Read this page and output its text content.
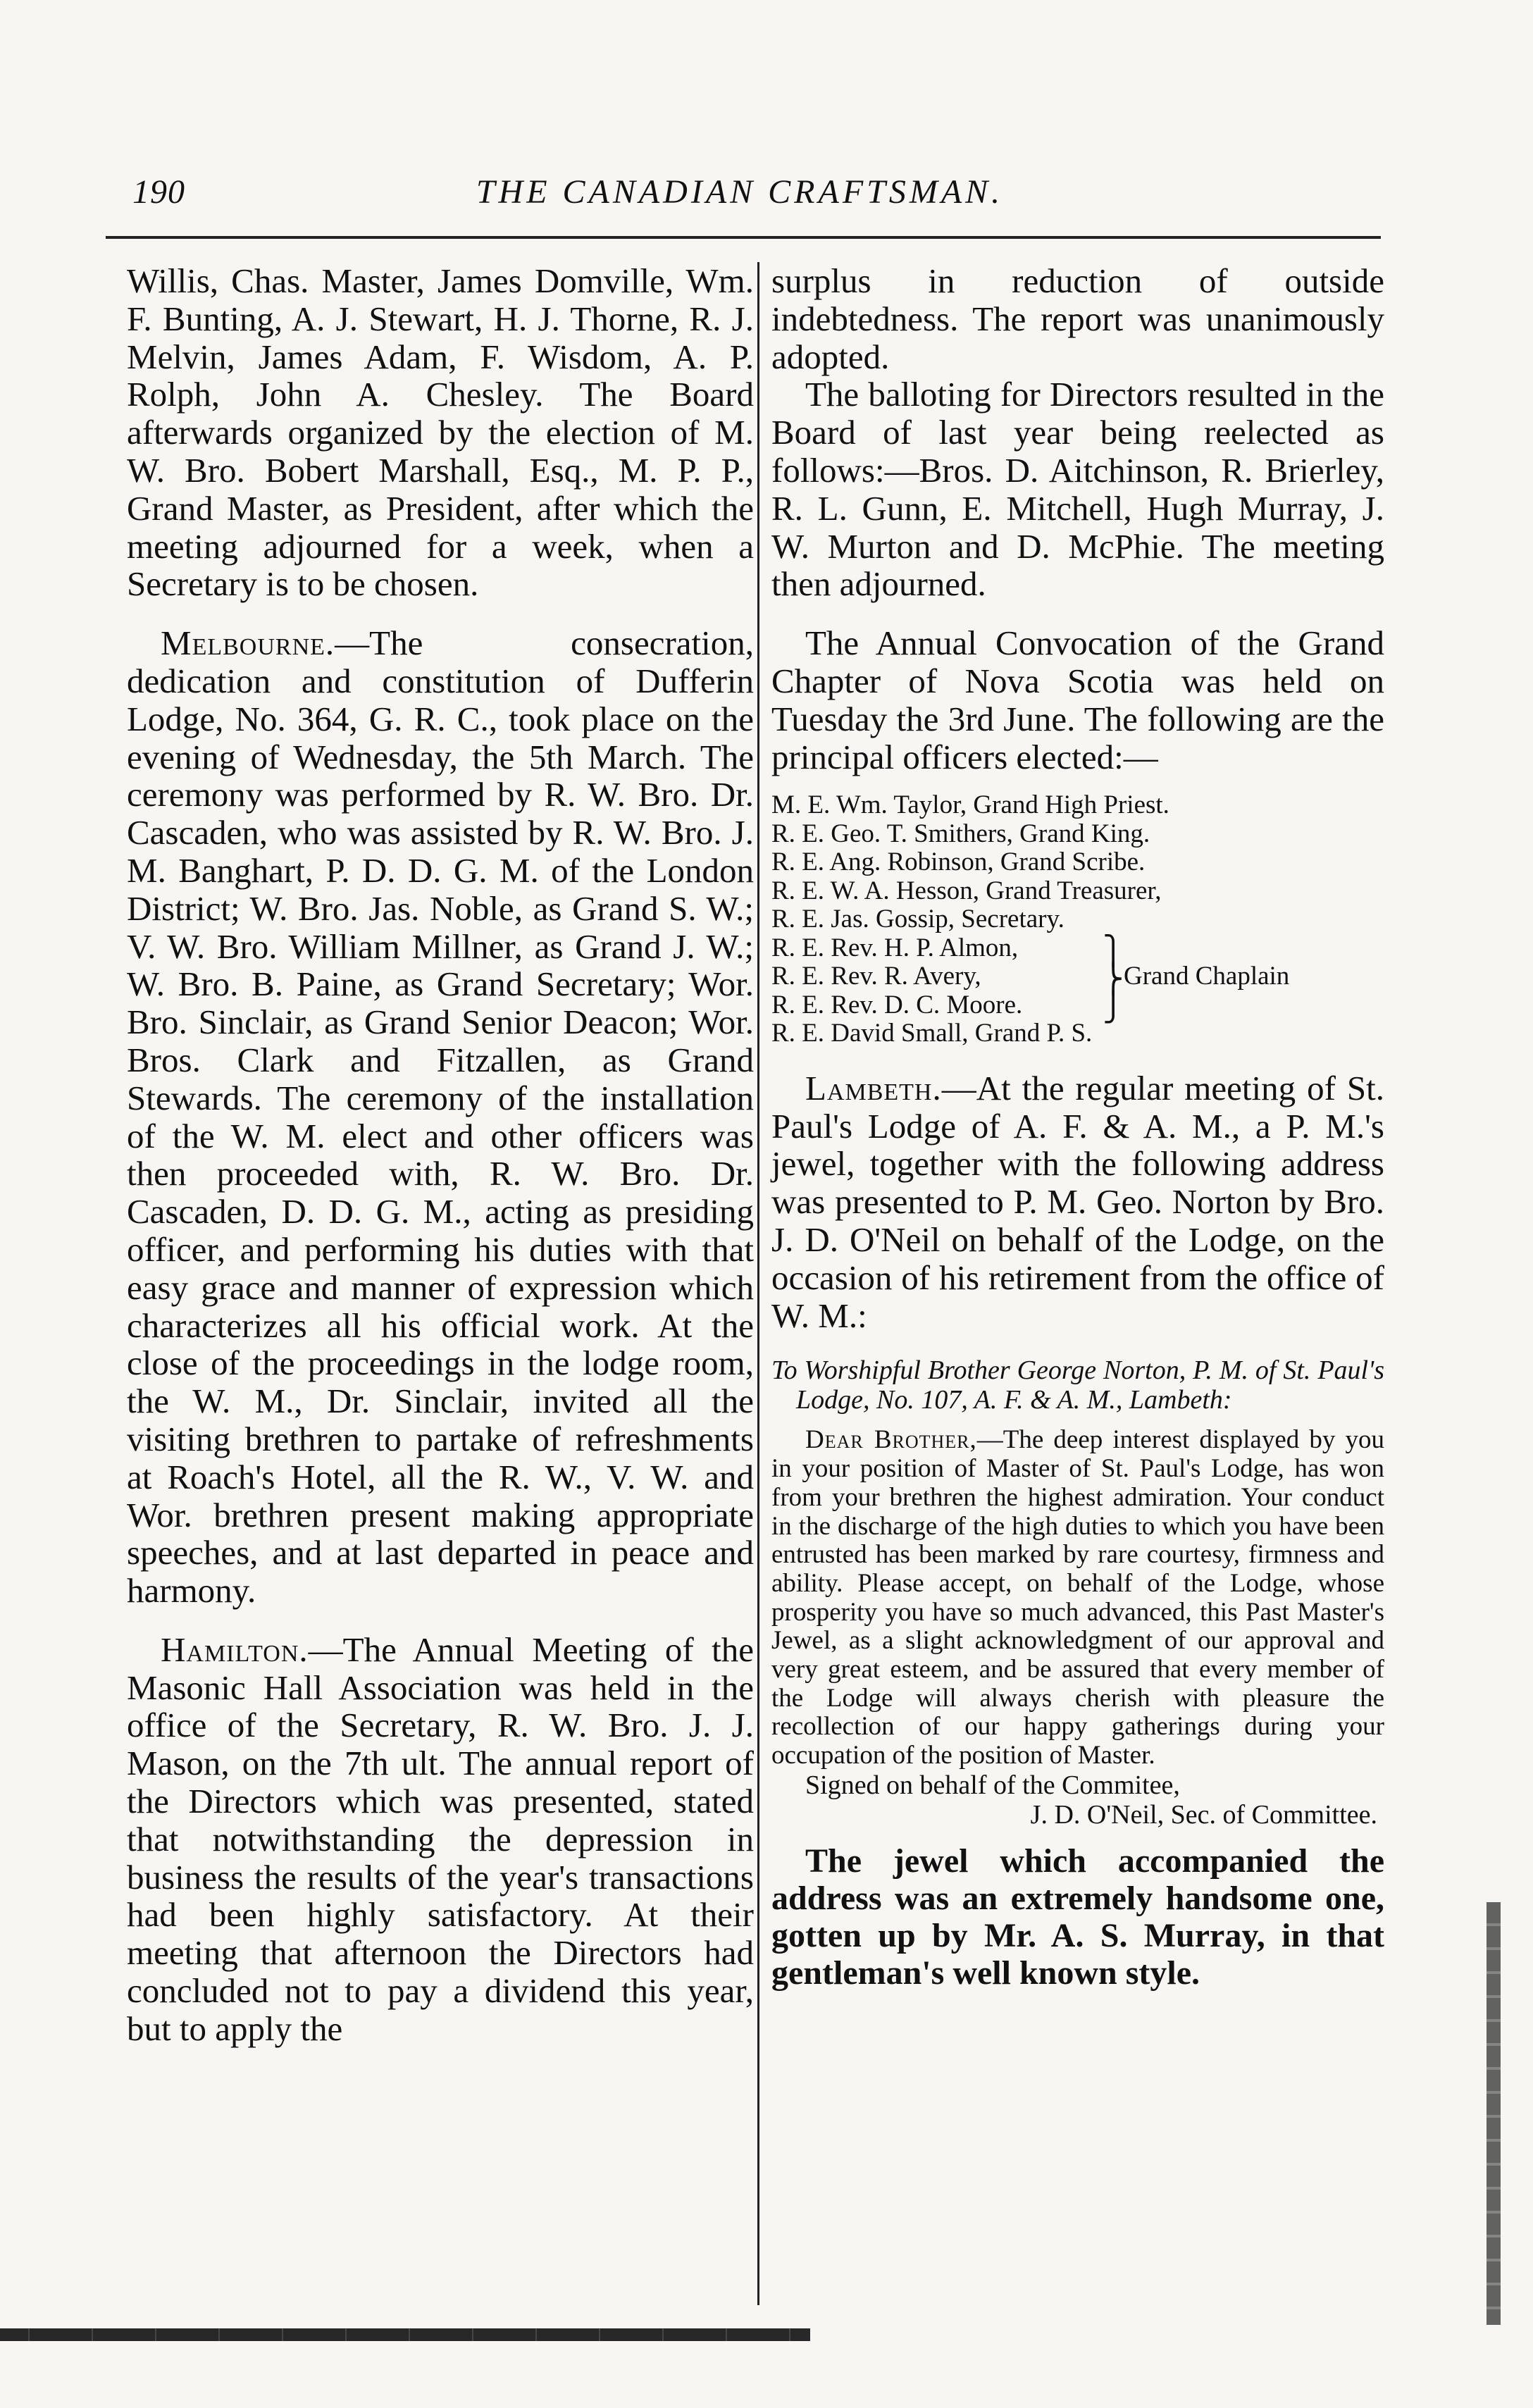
190	THE CANADIAN CRAFTSMAN.

Willis, Chas. Master, James Domville, Wm. F. Bunting, A. J. Stewart, H. J. Thorne, R. J. Melvin, James Adam, F. Wisdom, A. P. Rolph, John A. Chesley. The Board afterwards organized by the election of M. W. Bro. Bobert Marshall, Esq., M. P. P., Grand Master, as President, after which the meeting adjourned for a week, when a Secretary is to be chosen.

Melbourne.—The consecration, dedication and constitution of Dufferin Lodge, No. 364, G. R. C., took place on the evening of Wednesday, the 5th March. The ceremony was performed by R. W. Bro. Dr. Cascaden, who was assisted by R. W. Bro. J. M. Banghart, P. D. D. G. M. of the London District; W. Bro. Jas. Noble, as Grand S. W.; V. W. Bro. William Millner, as Grand J. W.; W. Bro. B. Paine, as Grand Secretary; Wor. Bro. Sinclair, as Grand Senior Deacon; Wor. Bros. Clark and Fitzallen, as Grand Stewards. The ceremony of the installation of the W. M. elect and other officers was then proceeded with, R. W. Bro. Dr. Cascaden, D. D. G. M., acting as presiding officer, and performing his duties with that easy grace and manner of expression which characterizes all his official work. At the close of the proceedings in the lodge room, the W. M., Dr. Sinclair, invited all the visiting brethren to partake of refreshments at Roach's Hotel, all the R. W., V. W. and Wor. brethren present making appropriate speeches, and at last departed in peace and harmony.

Hamilton.—The Annual Meeting of the Masonic Hall Association was held in the office of the Secretary, R. W. Bro. J. J. Mason, on the 7th ult. The annual report of the Directors which was presented, stated that notwithstanding the depression in business the results of the year's transactions had been highly satisfactory. At their meeting that afternoon the Directors had concluded not to pay a dividend this year, but to apply the

surplus in reduction of outside indebtedness. The report was unanimously adopted.

The balloting for Directors resulted in the Board of last year being reelected as follows:—Bros. D. Aitchinson, R. Brierley, R. L. Gunn, E. Mitchell, Hugh Murray, J. W. Murton and D. McPhie. The meeting then adjourned.

The Annual Convocation of the Grand Chapter of Nova Scotia was held on Tuesday the 3rd June. The following are the principal officers elected:—

M. E. Wm. Taylor, Grand High Priest.
R. E. Geo. T. Smithers, Grand King.
R. E. Ang. Robinson, Grand Scribe.
R. E. W. A. Hesson, Grand Treasurer,
R. E. Jas. Gossip, Secretary.
R. E. Rev. H. P. Almon,
R. E. Rev. R. Avery,
R. E. Rev. D. C. Moore.
⎫
⎬
⎭
Grand Chaplain
R. E. David Small, Grand P. S.

Lambeth.—At the regular meeting of St. Paul's Lodge of A. F. & A. M., a P. M.'s jewel, together with the following address was presented to P. M. Geo. Norton by Bro. J. D. O'Neil on behalf of the Lodge, on the occasion of his retirement from the office of W. M.:

To Worshipful Brother George Norton, P. M. of St. Paul's Lodge, No. 107, A. F. & A. M., Lambeth:

Dear Brother,—The deep interest displayed by you in your position of Master of St. Paul's Lodge, has won from your brethren the highest admiration. Your conduct in the discharge of the high duties to which you have been entrusted has been marked by rare courtesy, firmness and ability. Please accept, on behalf of the Lodge, whose prosperity you have so much advanced, this Past Master's Jewel, as a slight acknowledgment of our approval and very great esteem, and be assured that every member of the Lodge will always cherish with pleasure the recollection of our happy gatherings during your occupation of the position of Master.

Signed on behalf of the Commitee,
J. D. O'Neil, Sec. of Committee.

The jewel which accompanied the address was an extremely handsome one, gotten up by Mr. A. S. Murray, in that gentleman's well known style.
